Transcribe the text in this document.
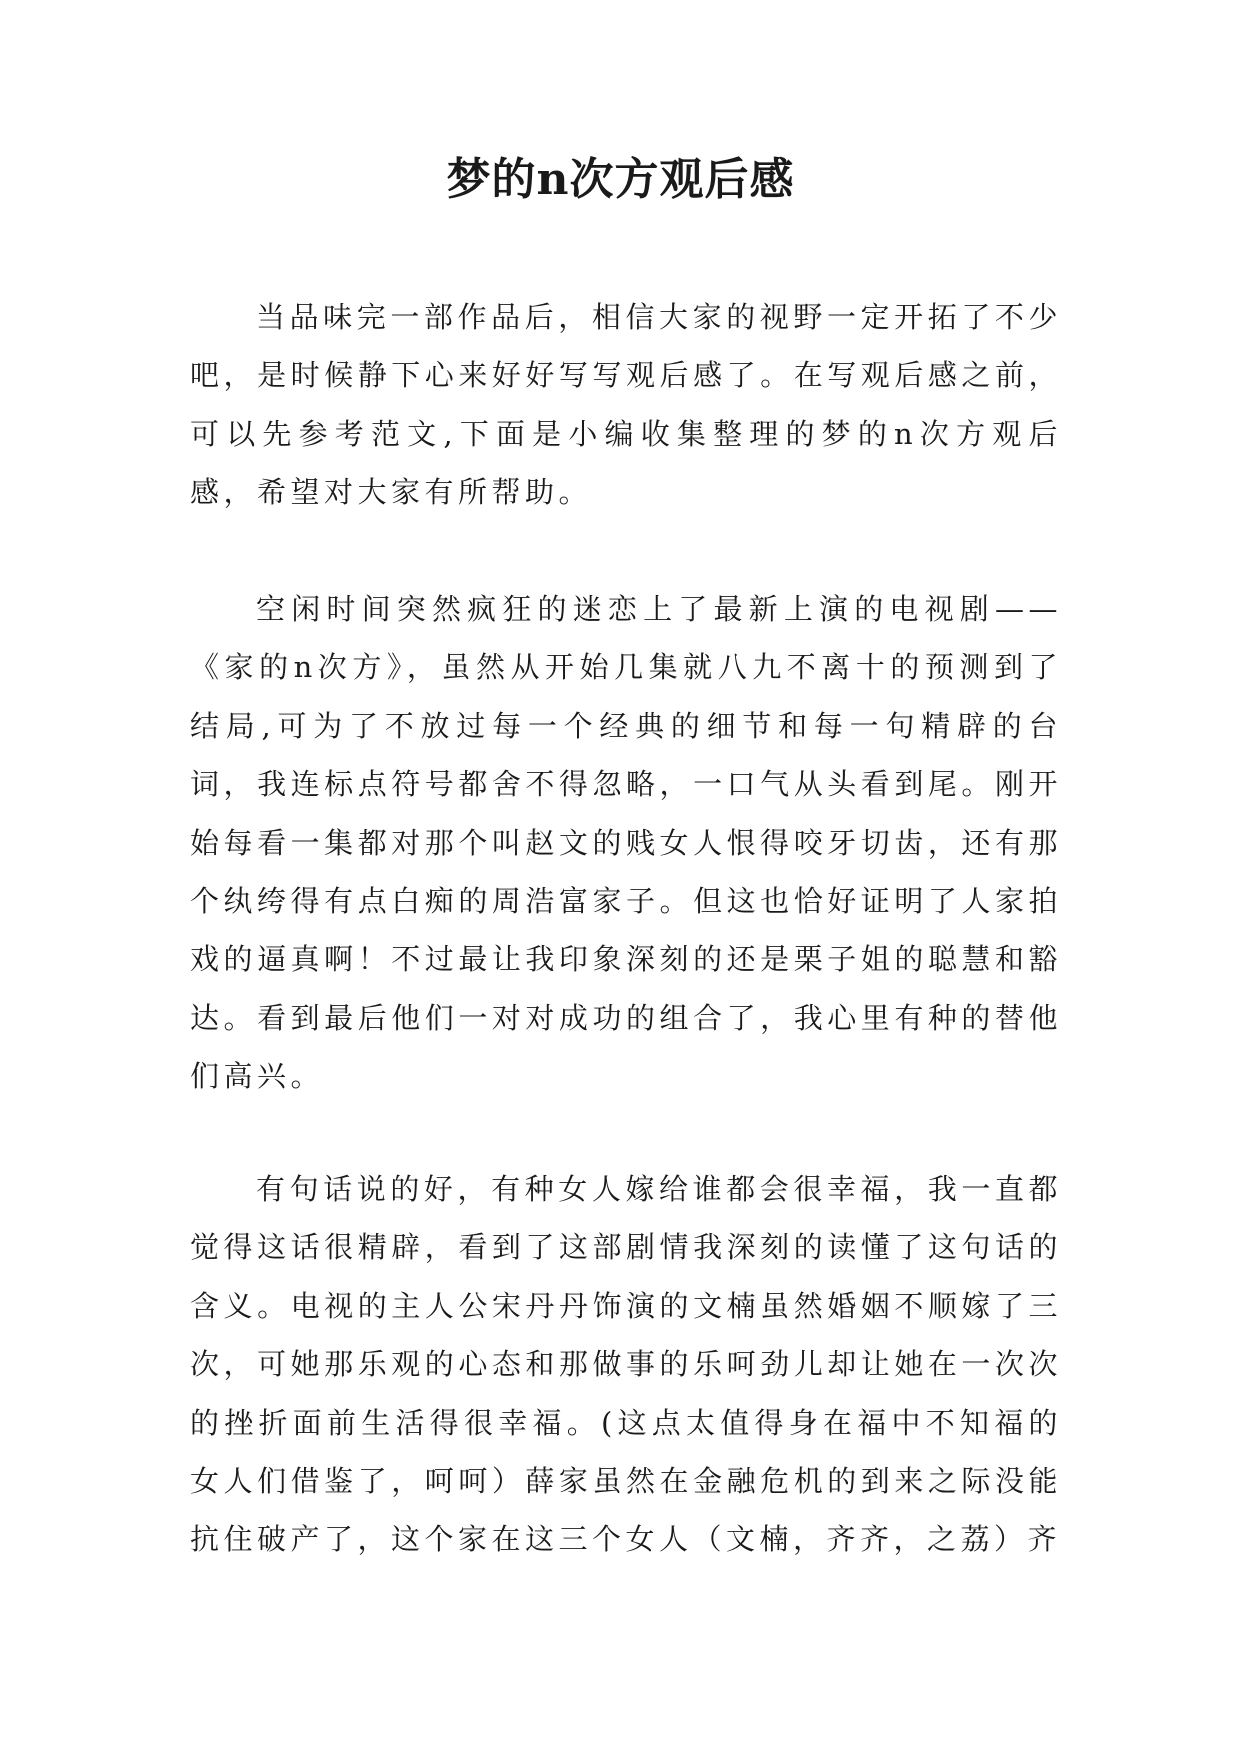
梦的n次方观后感

当品味完一部作品后，相信大家的视野一定开拓了不少吧，是时候静下心来好好写写观后感了。在写观后感之前，可以先参考范文,下面是小编收集整理的梦的n次方观后感，希望对大家有所帮助。

空闲时间突然疯狂的迷恋上了最新上演的电视剧——《家的n次方》，虽然从开始几集就八九不离十的预测到了结局,可为了不放过每一个经典的细节和每一句精辟的台词，我连标点符号都舍不得忽略，一口气从头看到尾。刚开始每看一集都对那个叫赵文的贱女人恨得咬牙切齿，还有那个纨绔得有点白痴的周浩富家子。但这也恰好证明了人家拍戏的逼真啊！不过最让我印象深刻的还是栗子姐的聪慧和豁达。看到最后他们一对对成功的组合了，我心里有种的替他们高兴。

有句话说的好，有种女人嫁给谁都会很幸福，我一直都觉得这话很精辟，看到了这部剧情我深刻的读懂了这句话的含义。电视的主人公宋丹丹饰演的文楠虽然婚姻不顺嫁了三次，可她那乐观的心态和那做事的乐呵劲儿却让她在一次次的挫折面前生活得很幸福。(这点太值得身在福中不知福的女人们借鉴了，呵呵）薛家虽然在金融危机的到来之际没能抗住破产了，这个家在这三个女人（文楠，齐齐，之荔）齐
